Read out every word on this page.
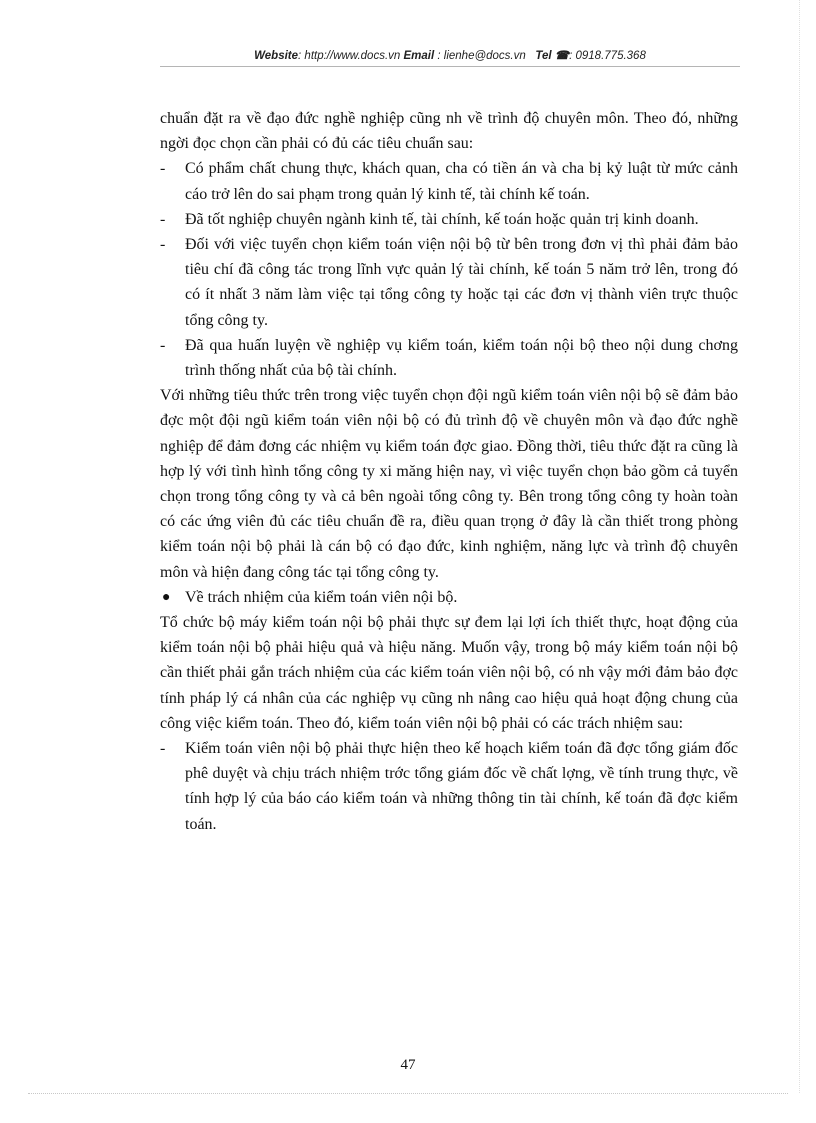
Website: http://www.docs.vn Email : lienhe@docs.vn Tel ☎: 0918.775.368

chuẩn đặt ra về đạo đức nghề nghiệp cũng nh về trình độ chuyên môn. Theo đó, những ngời đọc chọn cần phải có đủ các tiêu chuẩn sau:

- Có phẩm chất chung thực, khách quan, cha có tiền án và cha bị kỷ luật từ mức cảnh cáo trở lên do sai phạm trong quản lý kinh tế, tài chính kế toán.

- Đã tốt nghiệp chuyên ngành kinh tế, tài chính, kế toán hoặc quản trị kinh doanh.

- Đối với việc tuyển chọn kiểm toán viện nội bộ từ bên trong đơn vị thì phải đảm bảo tiêu chí đã công tác trong lĩnh vực quản lý tài chính, kế toán 5 năm trở lên, trong đó có ít nhất 3 năm làm việc tại tổng công ty hoặc tại các đơn vị thành viên trực thuộc tổng công ty.

- Đã qua huấn luyện về nghiệp vụ kiểm toán, kiểm toán nội bộ theo nội dung chơng trình thống nhất của bộ tài chính.

Với những tiêu thức trên trong việc tuyển chọn đội ngũ kiểm toán viên nội bộ sẽ đảm bảo đợc một đội ngũ kiểm toán viên nội bộ có đủ trình độ về chuyên môn và đạo đức nghề nghiệp để đảm đơng các nhiệm vụ kiểm toán đợc giao. Đồng thời, tiêu thức đặt ra cũng là hợp lý với tình hình tổng công ty xi măng hiện nay, vì việc tuyển chọn bảo gồm cả tuyển chọn trong tổng công ty và cả bên ngoài tổng công ty. Bên trong tổng công ty hoàn toàn có các ứng viên đủ các tiêu chuẩn đề ra, điều quan trọng ở đây là cần thiết trong phòng kiểm toán nội bộ phải là cán bộ có đạo đức, kinh nghiệm, năng lực và trình độ chuyên môn và hiện đang công tác tại tổng công ty.

● Về trách nhiệm của kiểm toán viên nội bộ.

Tổ chức bộ máy kiểm toán nội bộ phải thực sự đem lại lợi ích thiết thực, hoạt động của kiểm toán nội bộ phải hiệu quả và hiệu năng. Muốn vậy, trong bộ máy kiểm toán nội bộ cần thiết phải gắn trách nhiệm của các kiểm toán viên nội bộ, có nh vậy mới đảm bảo đợc tính pháp lý cá nhân của các nghiệp vụ cũng nh nâng cao hiệu quả hoạt động chung của công việc kiểm toán. Theo đó, kiểm toán viên nội bộ phải có các trách nhiệm sau:

- Kiểm toán viên nội bộ phải thực hiện theo kế hoạch kiểm toán đã đợc tổng giám đốc phê duyệt và chịu trách nhiệm trớc tổng giám đốc về chất lợng, về tính trung thực, về tính hợp lý của báo cáo kiểm toán và những thông tin tài chính, kế toán đã đợc kiểm toán.

47
